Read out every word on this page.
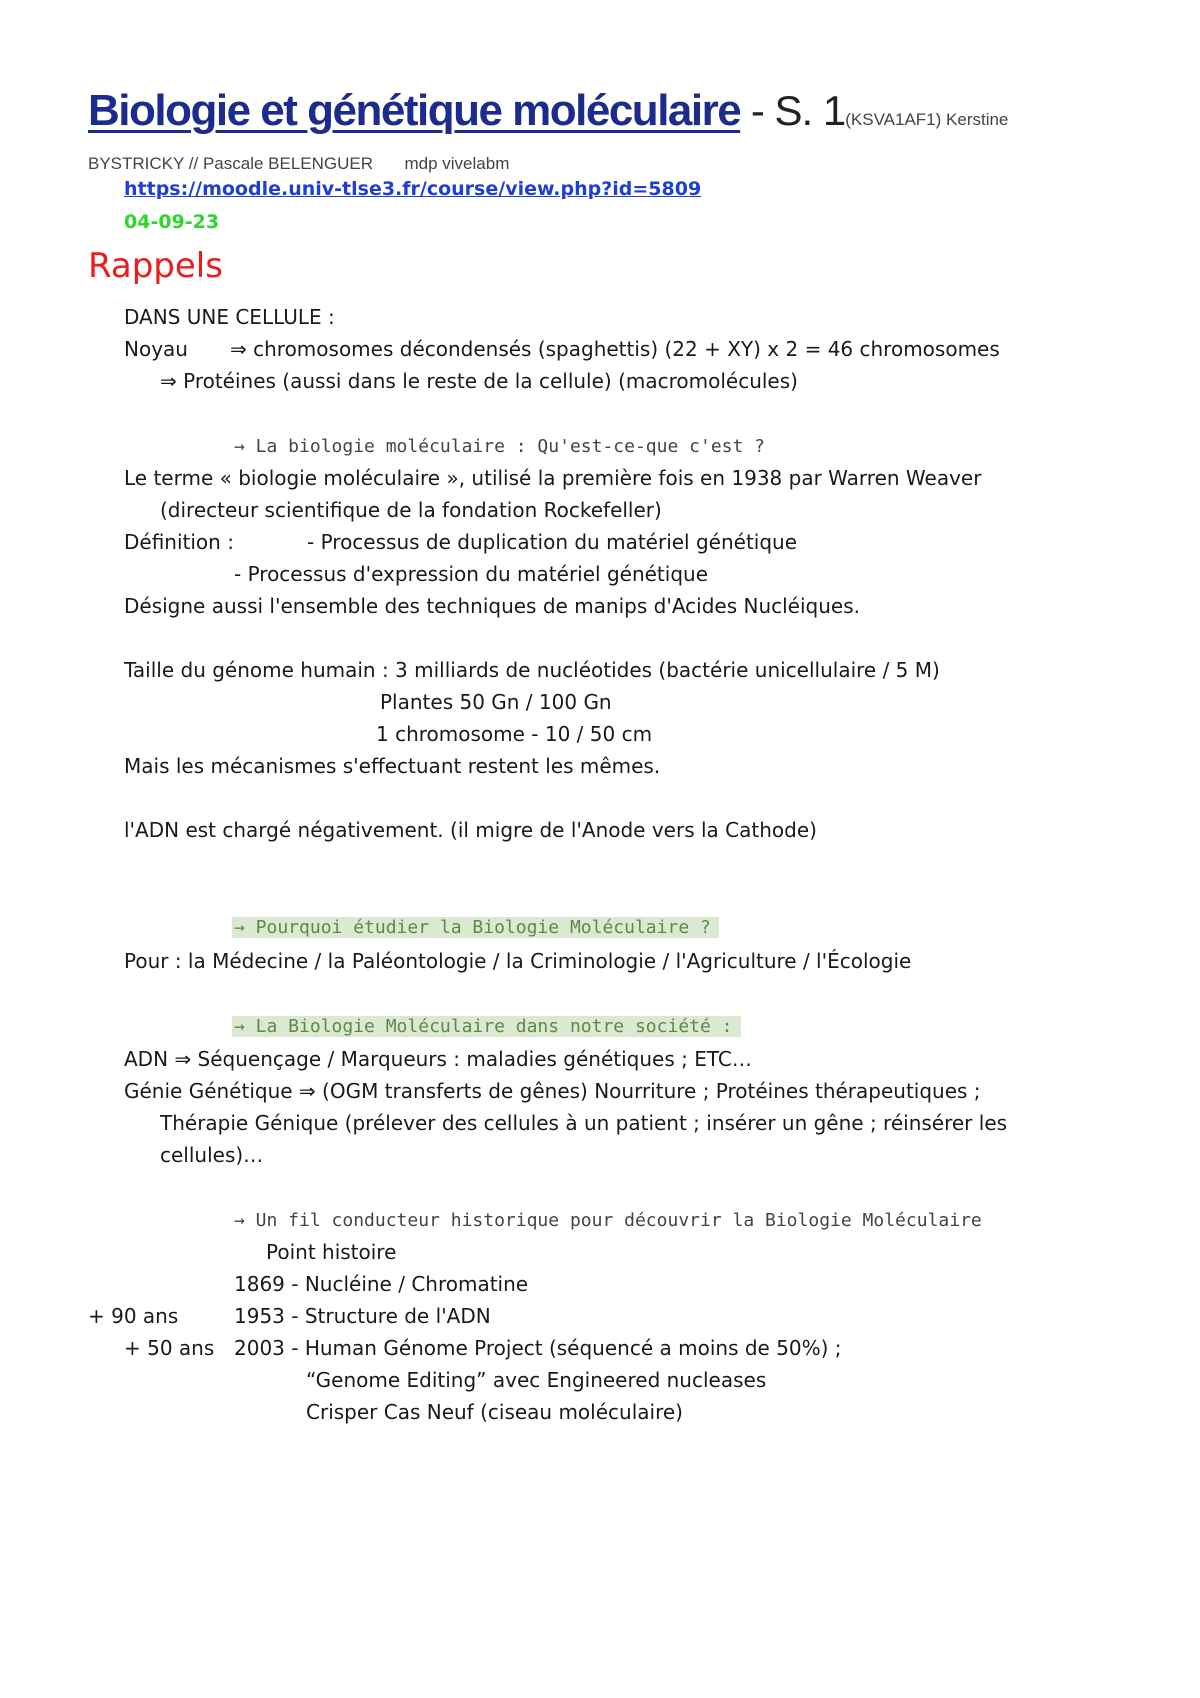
Biologie et génétique moléculaire - S. 1(KSVA1AF1) Kerstine
BYSTRICKY // Pascale BELENGUER mdp vivelabm
https://moodle.univ-tlse3.fr/course/view.php?id=5809
04-09-23
Rappels
DANS UNE CELLULE :
Noyau ⇒ chromosomes décondensés (spaghettis) (22 + XY) x 2 = 46 chromosomes
⇒ Protéines (aussi dans le reste de la cellule) (macromolécules)
→ La biologie moléculaire : Qu'est-ce-que c'est ?
Le terme « biologie moléculaire », utilisé la première fois en 1938 par Warren Weaver
(directeur scientifique de la fondation Rockefeller)
Définition :	- Processus de duplication du matériel génétique
- Processus d'expression du matériel génétique
Désigne aussi l'ensemble des techniques de manips d'Acides Nucléiques.
Taille du génome humain : 3 milliards de nucléotides (bactérie unicellulaire / 5 M)
Plantes 50 Gn / 100 Gn
1 chromosome - 10 / 50 cm
Mais les mécanismes s'effectuant restent les mêmes.
l'ADN est chargé négativement. (il migre de l'Anode vers la Cathode)
→ Pourquoi étudier la Biologie Moléculaire ?
Pour : la Médecine / la Paléontologie / la Criminologie / l'Agriculture / l'Écologie
→ La Biologie Moléculaire dans notre société :
ADN ⇒ Séquençage / Marqueurs : maladies génétiques ; ETC…
Génie Génétique ⇒ (OGM transferts de gênes) Nourriture ; Protéines thérapeutiques ;
Thérapie Génique (prélever des cellules à un patient ; insérer un gêne ; réinsérer les
cellules)…
→ Un fil conducteur historique pour découvrir la Biologie Moléculaire
Point histoire
1869 - Nucléine / Chromatine
+ 90 ans	1953 - Structure de l'ADN
+ 50 ans 2003 - Human Génome Project (séquencé a moins de 50%) ;
“Genome Editing” avec Engineered nucleases
Crisper Cas Neuf (ciseau moléculaire)
